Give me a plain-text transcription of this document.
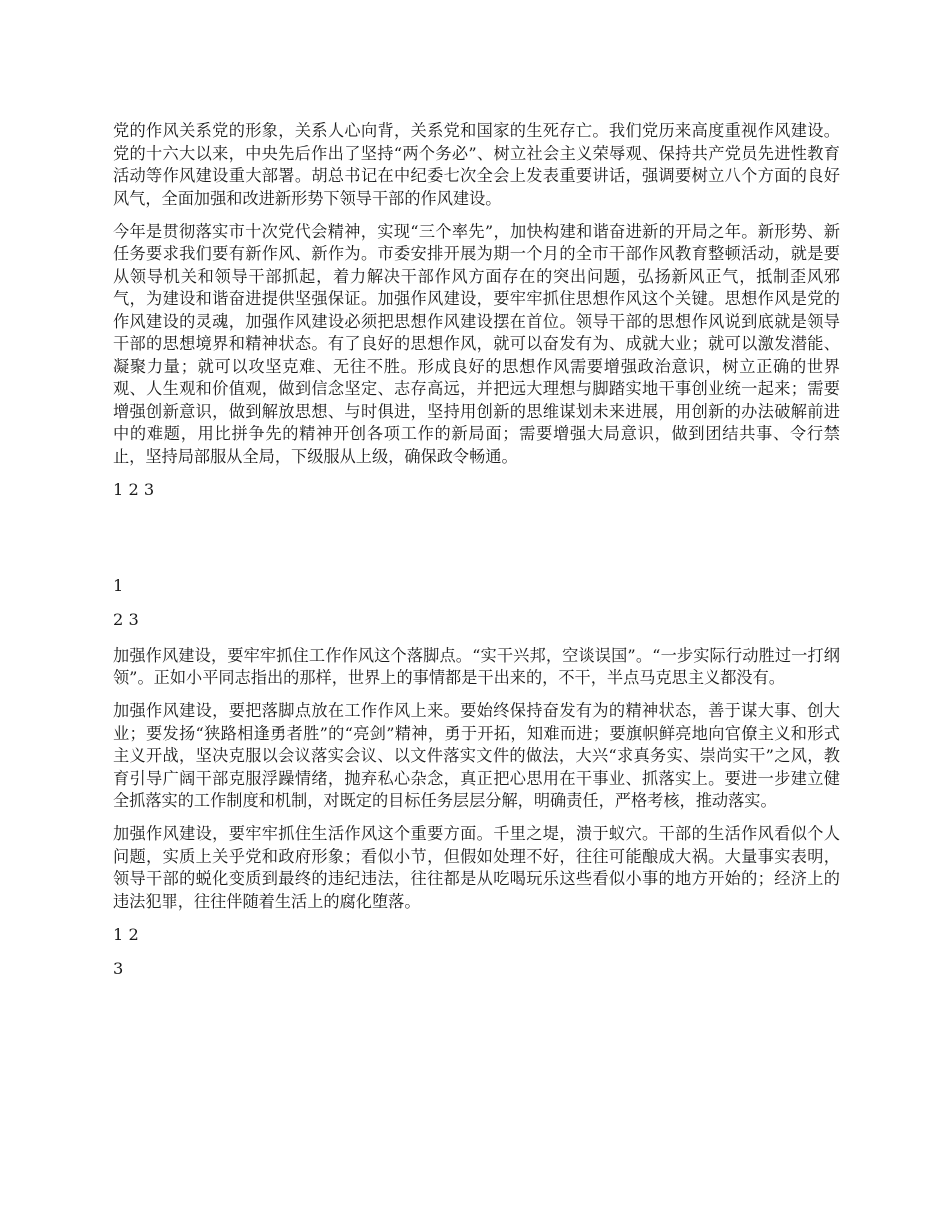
党的作风关系党的形象，关系人心向背，关系党和国家的生死存亡。我们党历来高度重视作风建设。党的十六大以来，中央先后作出了坚持“两个务必”、树立社会主义荣辱观、保持共产党员先进性教育活动等作风建设重大部署。胡总书记在中纪委七次全会上发表重要讲话，强调要树立八个方面的良好风气，全面加强和改进新形势下领导干部的作风建设。

今年是贯彻落实市十次党代会精神，实现“三个率先”，加快构建和谐奋进新的开局之年。新形势、新任务要求我们要有新作风、新作为。市委安排开展为期一个月的全市干部作风教育整顿活动，就是要从领导机关和领导干部抓起，着力解决干部作风方面存在的突出问题，弘扬新风正气，抵制歪风邪气，为建设和谐奋进提供坚强保证。加强作风建设，要牢牢抓住思想作风这个关键。思想作风是党的作风建设的灵魂，加强作风建设必须把思想作风建设摆在首位。领导干部的思想作风说到底就是领导干部的思想境界和精神状态。有了良好的思想作风，就可以奋发有为、成就大业；就可以激发潜能、凝聚力量；就可以攻坚克难、无往不胜。形成良好的思想作风需要增强政治意识，树立正确的世界观、人生观和价值观，做到信念坚定、志存高远，并把远大理想与脚踏实地干事创业统一起来；需要增强创新意识，做到解放思想、与时俱进，坚持用创新的思维谋划未来进展，用创新的办法破解前进中的难题，用比拼争先的精神开创各项工作的新局面；需要增强大局意识，做到团结共事、令行禁止，坚持局部服从全局，下级服从上级，确保政令畅通。

1 2 3

1

2 3

加强作风建设，要牢牢抓住工作作风这个落脚点。“实干兴邦，空谈误国”。“一步实际行动胜过一打纲领”。正如小平同志指出的那样，世界上的事情都是干出来的，不干，半点马克思主义都没有。

加强作风建设，要把落脚点放在工作作风上来。要始终保持奋发有为的精神状态，善于谋大事、创大业；要发扬“狭路相逢勇者胜”的“亮剑”精神，勇于开拓，知难而进；要旗帜鲜亮地向官僚主义和形式主义开战，坚决克服以会议落实会议、以文件落实文件的做法，大兴“求真务实、崇尚实干”之风，教育引导广阔干部克服浮躁情绪，抛弃私心杂念，真正把心思用在干事业、抓落实上。要进一步建立健全抓落实的工作制度和机制，对既定的目标任务层层分解，明确责任，严格考核，推动落实。

加强作风建设，要牢牢抓住生活作风这个重要方面。千里之堤，溃于蚁穴。干部的生活作风看似个人问题，实质上关乎党和政府形象；看似小节，但假如处理不好，往往可能酿成大祸。大量事实表明，领导干部的蜕化变质到最终的违纪违法，往往都是从吃喝玩乐这些看似小事的地方开始的；经济上的违法犯罪，往往伴随着生活上的腐化堕落。

1 2

3
